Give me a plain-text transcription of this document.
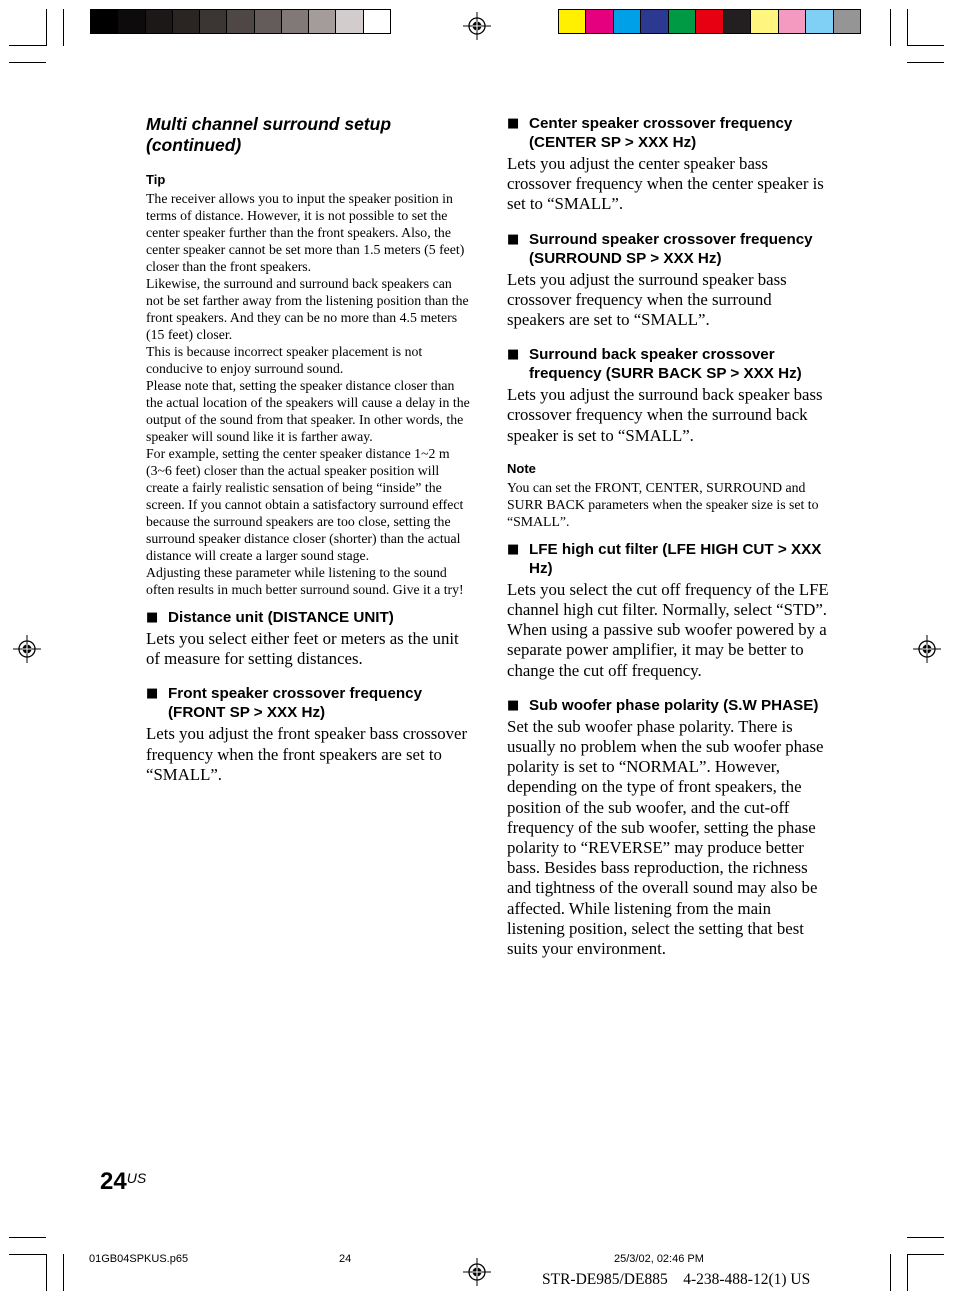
Multi channel surround setup
(continued)
Tip

The receiver allows you to input the speaker position in terms of distance. However, it is not possible to set the center speaker further than the front speakers. Also, the center speaker cannot be set more than 1.5 meters (5 feet) closer than the front speakers.

Likewise, the surround and surround back speakers can not be set farther away from the listening position than the front speakers. And they can be no more than 4.5 meters (15 feet) closer.

This is because incorrect speaker placement is not conducive to enjoy surround sound.

Please note that, setting the speaker distance closer than the actual location of the speakers will cause a delay in the output of the sound from that speaker. In other words, the speaker will sound like it is farther away.

For example, setting the center speaker distance 1~2 m (3~6 feet) closer than the actual speaker position will create a fairly realistic sensation of being “inside” the screen. If you cannot obtain a satisfactory surround effect because the surround speakers are too close, setting the surround speaker distance closer (shorter) than the actual distance will create a larger sound stage.

Adjusting these parameter while listening to the sound often results in much better surround sound. Give it a try!

■ Distance unit (DISTANCE UNIT)

Lets you select either feet or meters as the unit of measure for setting distances.

■ Front speaker crossover frequency (FRONT SP > XXX Hz)

Lets you adjust the front speaker bass crossover frequency when the front speakers are set to “SMALL”.

■ Center speaker crossover frequency (CENTER SP > XXX Hz)

Lets you adjust the center speaker bass crossover frequency when the center speaker is set to “SMALL”.

■ Surround speaker crossover frequency (SURROUND SP > XXX Hz)

Lets you adjust the surround speaker bass crossover frequency when the surround speakers are set to “SMALL”.

■ Surround back speaker crossover frequency (SURR BACK SP > XXX Hz)

Lets you adjust the surround back speaker bass crossover frequency when the surround back speaker is set to “SMALL”.

Note

You can set the FRONT, CENTER, SURROUND and SURR BACK parameters when the speaker size is set to “SMALL”.

■ LFE high cut filter (LFE HIGH CUT > XXX Hz)

Lets you select the cut off frequency of the LFE channel high cut filter. Normally, select “STD”. When using a passive sub woofer powered by a separate power amplifier, it may be better to change the cut off frequency.

■ Sub woofer phase polarity (S.W PHASE)

Set the sub woofer phase polarity. There is usually no problem when the sub woofer phase polarity is set to “NORMAL”. However, depending on the type of front speakers, the position of the sub woofer, and the cut-off frequency of the sub woofer, setting the phase polarity to “REVERSE” may produce better bass. Besides bass reproduction, the richness and tightness of the overall sound may also be affected. While listening from the main listening position, select the setting that best suits your environment.

$24^{US}$
01GB04SPKUS.p65	24	25/3/02, 02:46 PM
STR-DE985/DE885    4-238-488-12(1) US
